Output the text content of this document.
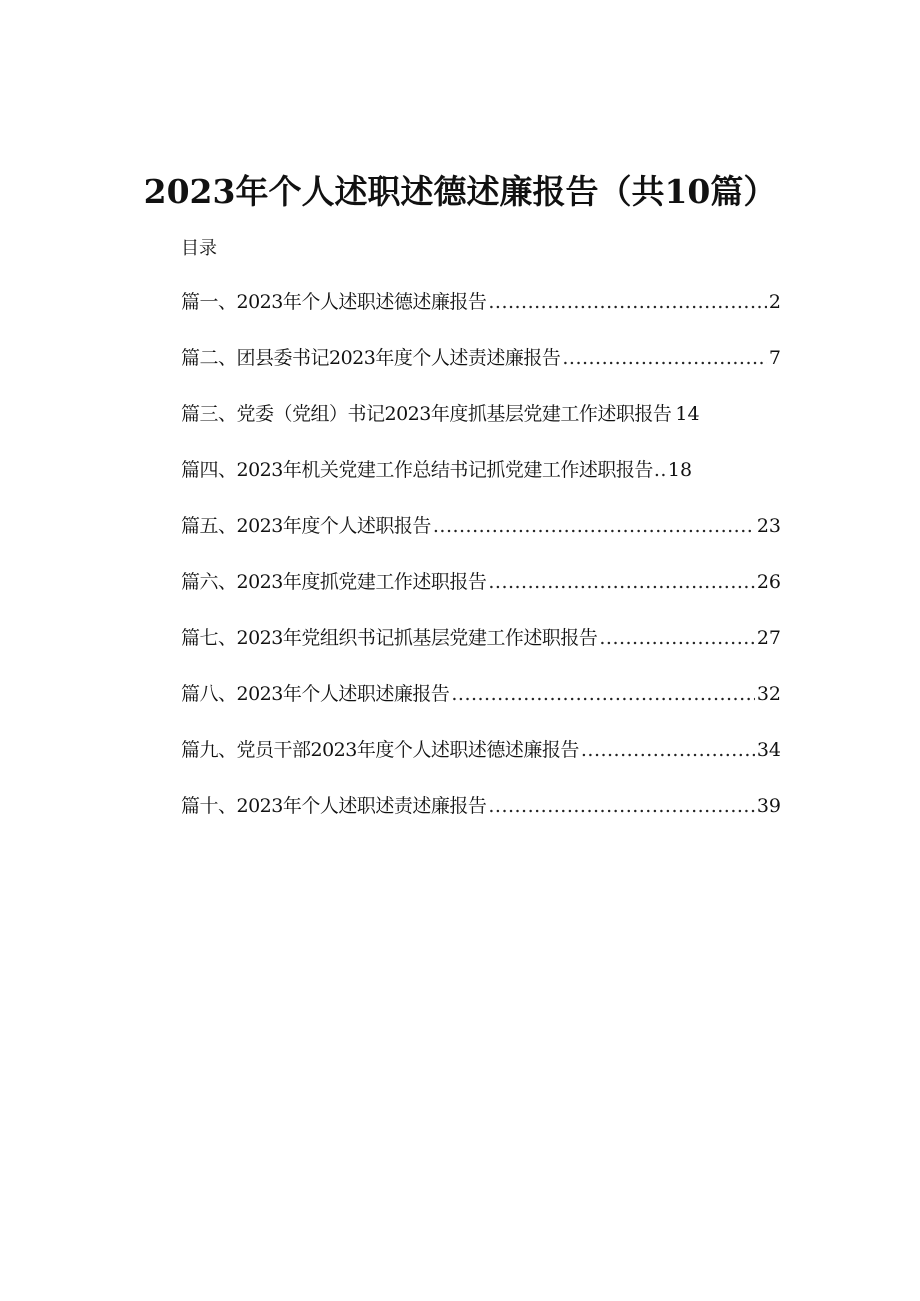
2023年个人述职述德述廉报告（共10篇）
目录
篇一、2023年个人述职述德述廉报告 .....	2
篇二、团县委书记2023年度个人述责述廉报告 .....	7
篇三、党委（党组）书记2023年度抓基层党建工作述职报告 14
篇四、2023年机关党建工作总结书记抓党建工作述职报告 ..... 18
篇五、2023年度个人述职报告 .....	23
篇六、2023年度抓党建工作述职报告 .....	26
篇七、2023年党组织书记抓基层党建工作述职报告 .....	27
篇八、2023年个人述职述廉报告 .....	32
篇九、党员干部2023年度个人述职述德述廉报告 .....	34
篇十、2023年个人述职述责述廉报告 .....	39
